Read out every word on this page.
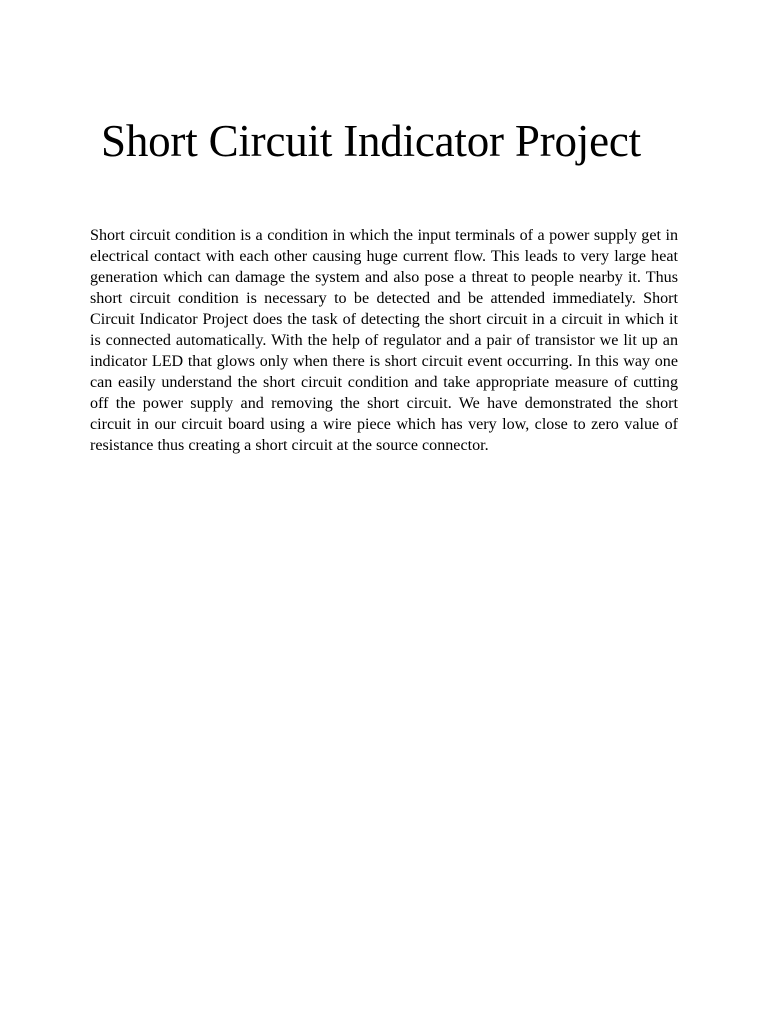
Short Circuit Indicator Project

Short circuit condition is a condition in which the input terminals of a power supply get in electrical contact with each other causing huge current flow. This leads to very large heat generation which can damage the system and also pose a threat to people nearby it. Thus short circuit condition is necessary to be detected and be attended immediately. Short Circuit Indicator Project does the task of detecting the short circuit in a circuit in which it is connected automatically. With the help of regulator and a pair of transistor we lit up an indicator LED that glows only when there is short circuit event occurring. In this way one can easily understand the short circuit condition and take appropriate measure of cutting off the power supply and removing the short circuit. We have demonstrated the short circuit in our circuit board using a wire piece which has very low, close to zero value of resistance thus creating a short circuit at the source connector.
